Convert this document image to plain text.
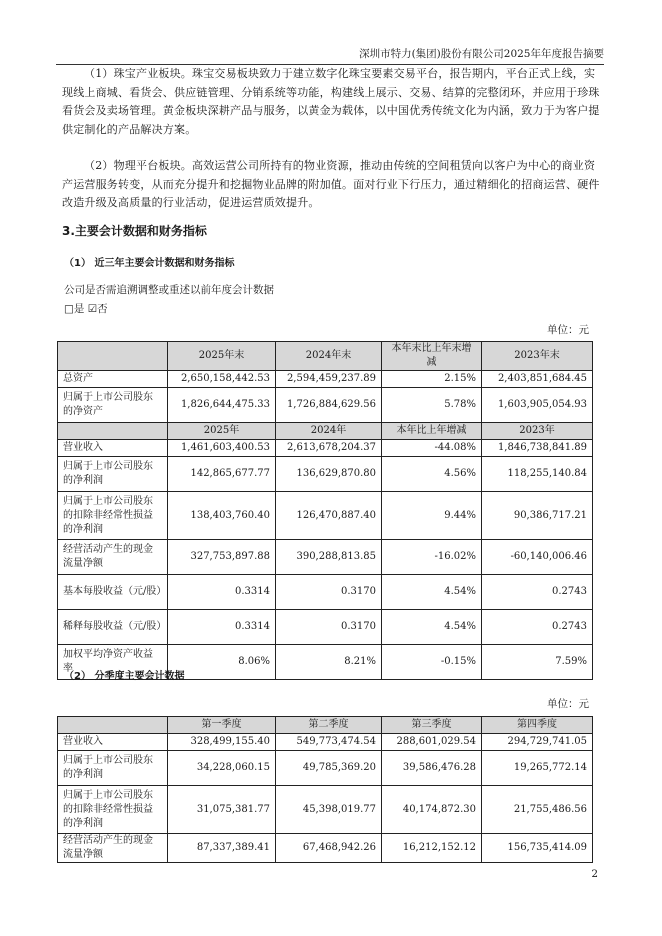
深圳市特力(集团)股份有限公司2025年年度报告摘要

（1）珠宝产业板块。珠宝交易板块致力于建立数字化珠宝要素交易平台，报告期内，平台正式上线，实现线上商城、看货会、供应链管理、分销系统等功能，构建线上展示、交易、结算的完整闭环，并应用于珍珠看货会及卖场管理。黄金板块深耕产品与服务，以黄金为载体，以中国优秀传统文化为内涵，致力于为客户提供定制化的产品解决方案。

（2）物理平台板块。高效运营公司所持有的物业资源，推动由传统的空间租赁向以客户为中心的商业资产运营服务转变，从而充分提升和挖掘物业品牌的附加值。面对行业下行压力，通过精细化的招商运营、硬件改造升级及高质量的行业活动，促进运营质效提升。

3.主要会计数据和财务指标
（1） 近三年主要会计数据和财务指标
公司是否需追溯调整或重述以前年度会计数据
□是 ☑否
单位：元
	2025年末	2024年末	本年末比上年末增减	2023年末
总资产	2,650,158,442.53	2,594,459,237.89	2.15%	2,403,851,684.45
归属于上市公司股东的净资产	1,826,644,475.33	1,726,884,629.56	5.78%	1,603,905,054.93
	2025年	2024年	本年比上年增减	2023年
营业收入	1,461,603,400.53	2,613,678,204.37	-44.08%	1,846,738,841.89
归属于上市公司股东的净利润	142,865,677.77	136,629,870.80	4.56%	118,255,140.84
归属于上市公司股东的扣除非经常性损益的净利润	138,403,760.40	126,470,887.40	9.44%	90,386,717.21
经营活动产生的现金流量净额	327,753,897.88	390,288,813.85	-16.02%	-60,140,006.46
基本每股收益（元/股）	0.3314	0.3170	4.54%	0.2743
稀释每股收益（元/股）	0.3314	0.3170	4.54%	0.2743
加权平均净资产收益率	8.06%	8.21%	-0.15%	7.59%
（2） 分季度主要会计数据
单位：元
	第一季度	第二季度	第三季度	第四季度
营业收入	328,499,155.40	549,773,474.54	288,601,029.54	294,729,741.05
归属于上市公司股东的净利润	34,228,060.15	49,785,369.20	39,586,476.28	19,265,772.14
归属于上市公司股东的扣除非经常性损益的净利润	31,075,381.77	45,398,019.77	40,174,872.30	21,755,486.56
经营活动产生的现金流量净额	87,337,389.41	67,468,942.26	16,212,152.12	156,735,414.09
2
